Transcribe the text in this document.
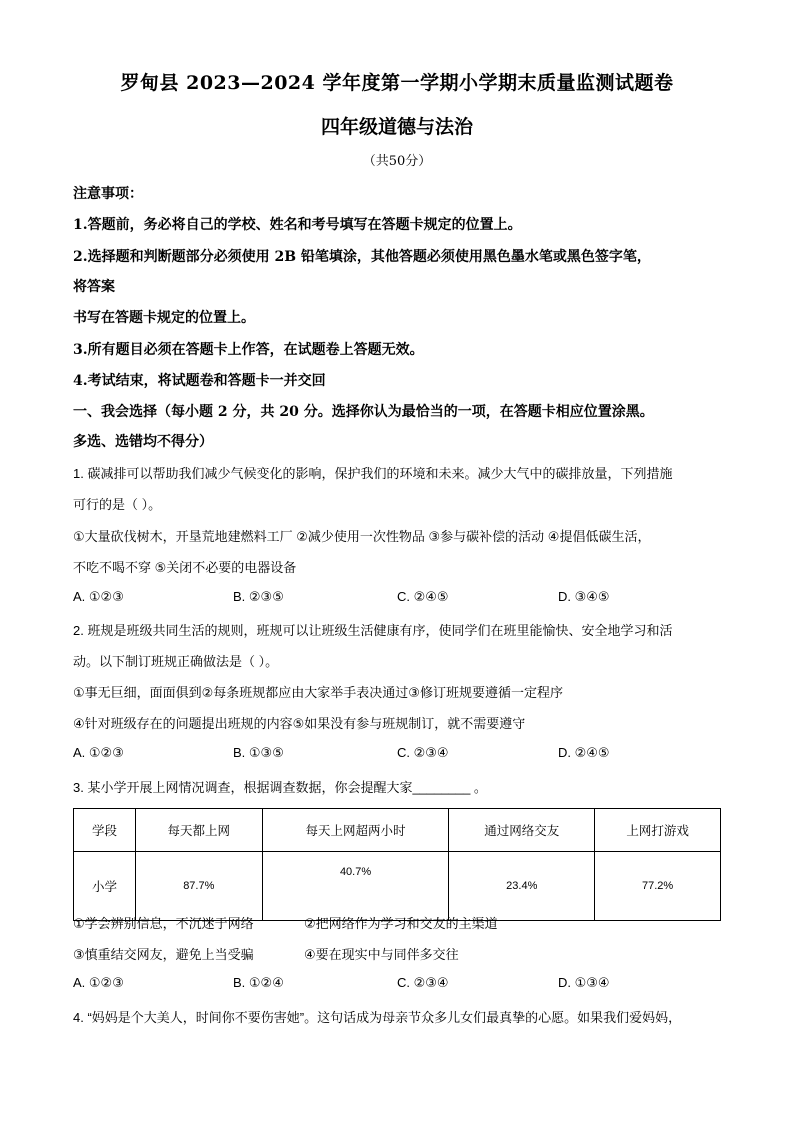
罗甸县 2023—2024 学年度第一学期小学期末质量监测试题卷
四年级道德与法治
（共50分）
注意事项：
1.答题前，务必将自己的学校、姓名和考号填写在答题卡规定的位置上。
2.选择题和判断题部分必须使用 2B 铅笔填涂，其他答题必须使用黑色墨水笔或黑色签字笔，
将答案
书写在答题卡规定的位置上。
3.所有题目必须在答题卡上作答，在试题卷上答题无效。
4.考试结束，将试题卷和答题卡一并交回
一、我会选择（每小题 2 分，共 20 分。选择你认为最恰当的一项，在答题卡相应位置涂黑。
多选、选错均不得分）
1. 碳减排可以帮助我们减少气候变化的影响，保护我们的环境和未来。减少大气中的碳排放量，下列措施
可行的是（ ）。
①大量砍伐树木，开垦荒地建燃料工厂 ②减少使用一次性物品 ③参与碳补偿的活动 ④提倡低碳生活，
不吃不喝不穿 ⑤关闭不必要的电器设备
A. ①②③	B. ②③⑤	C. ②④⑤	D. ③④⑤
2. 班规是班级共同生活的规则，班规可以让班级生活健康有序，使同学们在班里能愉快、安全地学习和活
动。以下制订班规正确做法是（ ）。
①事无巨细，面面俱到②每条班规都应由大家举手表决通过③修订班规要遵循一定程序
④针对班级存在的问题提出班规的内容⑤如果没有参与班规制订，就不需要遵守
A. ①②③	B. ①③⑤	C. ②③④	D. ②④⑤
3. 某小学开展上网情况调查，根据调查数据，你会提醒大家________ 。
学段	每天都上网	每天上网超两小时	通过网络交友	上网打游戏
小学	87.7%	40.7%	23.4%	77.2%
①学会辨别信息，不沉迷于网络	②把网络作为学习和交友的主渠道
③慎重结交网友，避免上当受骗	④要在现实中与同伴多交往
A. ①②③	B. ①②④	C. ②③④	D. ①③④
4. “妈妈是个大美人，时间你不要伤害她”。这句话成为母亲节众多儿女们最真挚的心愿。如果我们爱妈妈，
